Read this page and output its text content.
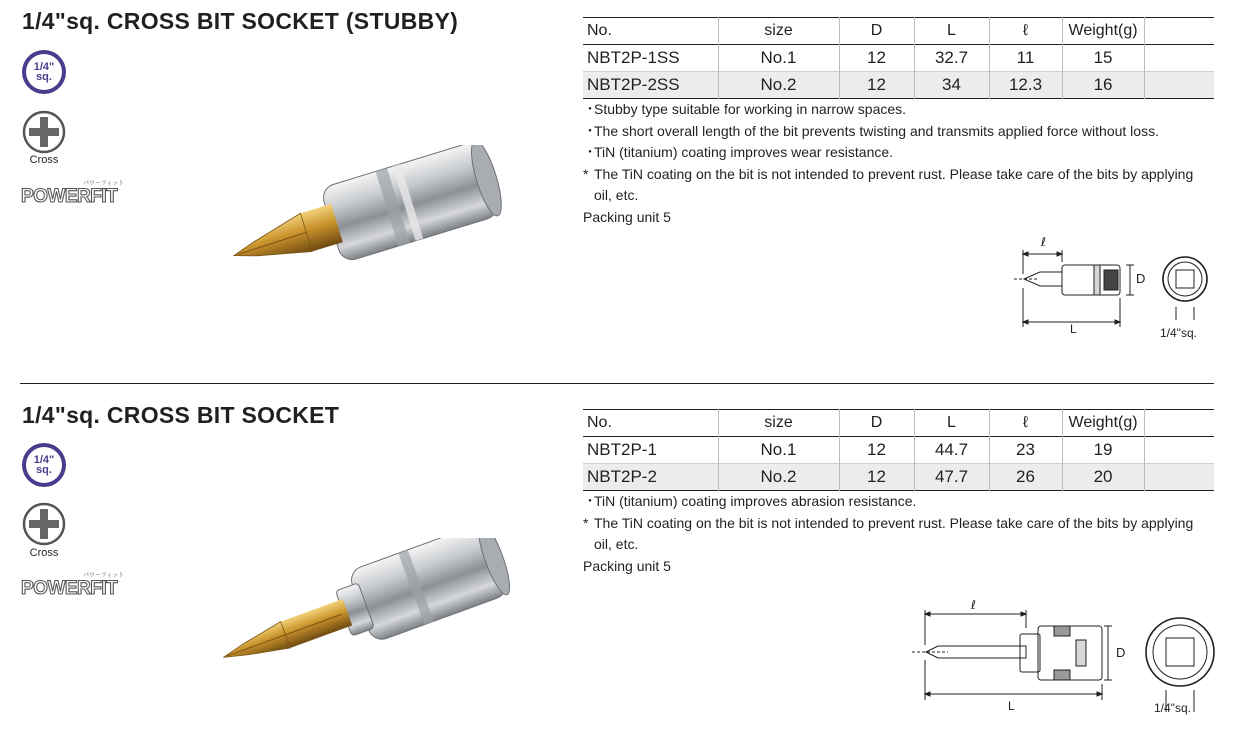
1/4"sq. CROSS BIT SOCKET (STUBBY)
1/4"
sq.
Cross
POWERFIT
パワーフィット
No.	size	D	L	ℓ	Weight(g)	
NBT2P-1SS	No.1	12	32.7	11	15	
NBT2P-2SS	No.2	12	34	12.3	16	
・
Stubby type suitable for working in narrow spaces.
・
The short overall length of the bit prevents twisting and transmits applied force without loss.
・
TiN (titanium) coating improves wear resistance.
* The TiN coating on the bit is not intended to prevent rust. Please take care of the bits by applying oil, etc.
Packing unit 5
ℓ
D
L	1/4"sq.
1/4"sq. CROSS BIT SOCKET
1/4"
sq.
Cross
POWERFIT
パワーフィット
No.	size	D	L	ℓ	Weight(g)	
NBT2P-1	No.1	12	44.7	23	19	
NBT2P-2	No.2	12	47.7	26	20	
・
TiN (titanium) coating improves abrasion resistance.
* The TiN coating on the bit is not intended to prevent rust. Please take care of the bits by applying oil, etc.
Packing unit 5
ℓ
D
L	1/4"sq.
